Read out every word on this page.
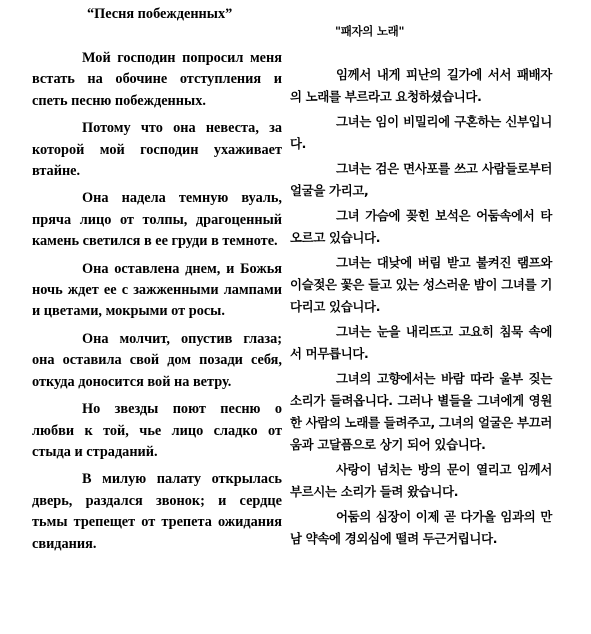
“Песня побежденных”

Мой господин попросил меня встать на обочине отступления и спеть песню побежденных.

Потому что она невеста, за которой мой господин ухаживает втайне.

Она надела темную вуаль, пряча лицо от толпы, драгоценный камень светился в ее груди в темноте.

Она оставлена днем, и Божья ночь ждет ее с зажженными лампами и цветами, мокрыми от росы.

Она молчит, опустив глаза; она оставила свой дом позади себя, откуда доносится вой на ветру.

Но звезды поют песню о любви к той, чье лицо сладко от стыда и страданий.

В милую палату открылась дверь, раздался звонок; и сердце тьмы трепещет от трепета ожидания свидания.

"패자의 노래"

임께서 내게 피난의 길가에 서서 패배자의 노래를 부르라고 요청하셨습니다.

그녀는 임이 비밀리에 구혼하는 신부입니다.

그녀는 검은 면사포를 쓰고 사람들로부터 얼굴을 가리고,

그녀 가슴에 꽂힌 보석은 어둠속에서 타오르고 있습니다.

그녀는 대낮에 버림 받고 불켜진 램프와 이슬젖은 꽃은 들고 있는 성스러운 밤이 그녀를 기다리고 있습니다.

그녀는 눈을 내리뜨고 고요히 침묵 속에서 머무릅니다.

그녀의 고향에서는 바람 따라 울부 짖는 소리가 들려옵니다. 그러나 별들을 그녀에게 영원한 사람의 노래를 들려주고, 그녀의 얼굴은 부끄러움과 고달픔으로 상기 되어 있습니다.

사랑이 넘치는 방의 문이 열리고 임께서 부르시는 소리가 들려 왔습니다.

어둠의 심장이 이제 곧 다가올 임과의 만남 약속에 경외심에 떨려 두근거립니다.
